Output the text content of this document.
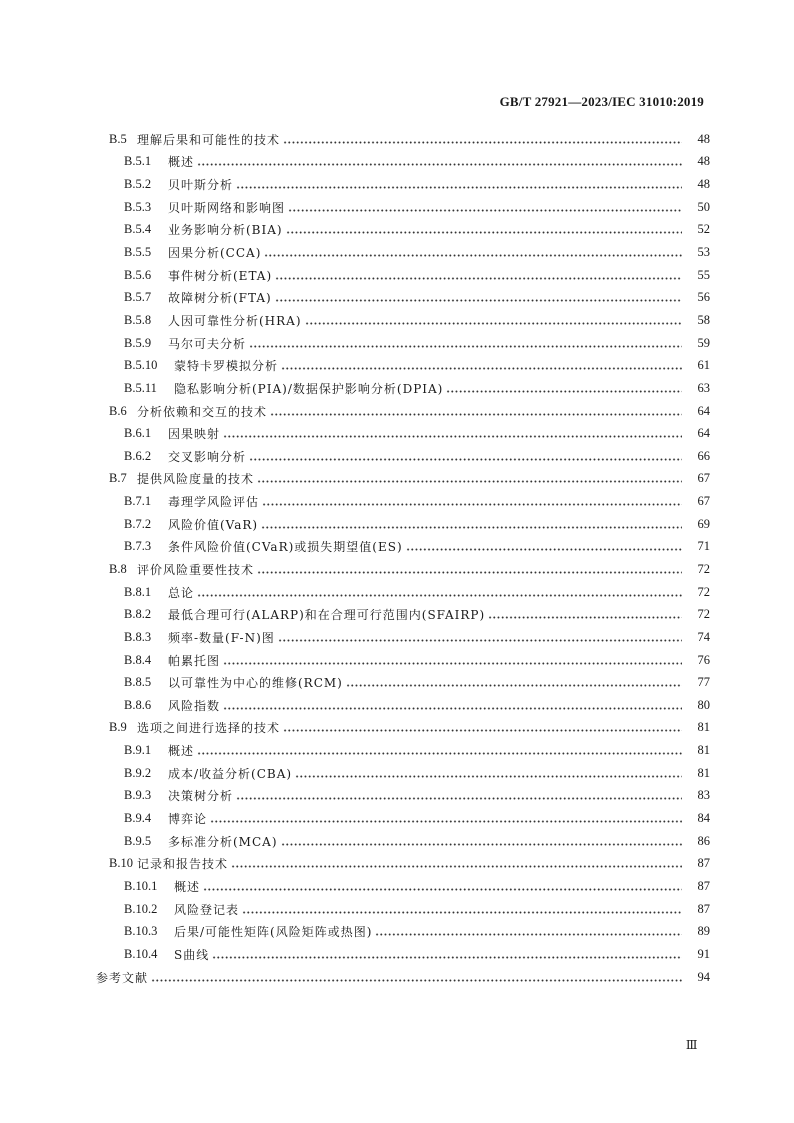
GB/T 27921—2023/IEC 31010:2019
B.5 理解后果和可能性的技术	48
B.5.1	概述	48
B.5.2	贝叶斯分析	48
B.5.3	贝叶斯网络和影响图	50
B.5.4	业务影响分析(BIA)	52
B.5.5	因果分析(CCA)	53
B.5.6	事件树分析(ETA)	55
B.5.7	故障树分析(FTA)	56
B.5.8	人因可靠性分析(HRA)	58
B.5.9	马尔可夫分析	59
B.5.10	蒙特卡罗模拟分析	61
B.5.11	隐私影响分析(PIA)/数据保护影响分析(DPIA)	63
B.6 分析依赖和交互的技术	64
B.6.1	因果映射	64
B.6.2	交叉影响分析	66
B.7 提供风险度量的技术	67
B.7.1	毒理学风险评估	67
B.7.2	风险价值(VaR)	69
B.7.3	条件风险价值(CVaR)或损失期望值(ES)	71
B.8 评价风险重要性技术	72
B.8.1	总论	72
B.8.2	最低合理可行(ALARP)和在合理可行范围内(SFAIRP)	72
B.8.3	频率-数量(F-N)图	74
B.8.4	帕累托图	76
B.8.5	以可靠性为中心的维修(RCM)	77
B.8.6	风险指数	80
B.9 选项之间进行选择的技术	81
B.9.1	概述	81
B.9.2	成本/收益分析(CBA)	81
B.9.3	决策树分析	83
B.9.4	博弈论	84
B.9.5	多标准分析(MCA)	86
B.10 记录和报告技术	87
B.10.1	概述	87
B.10.2	风险登记表	87
B.10.3	后果/可能性矩阵(风险矩阵或热图)	89
B.10.4	S曲线	91
参考文献	94
Ⅲ
